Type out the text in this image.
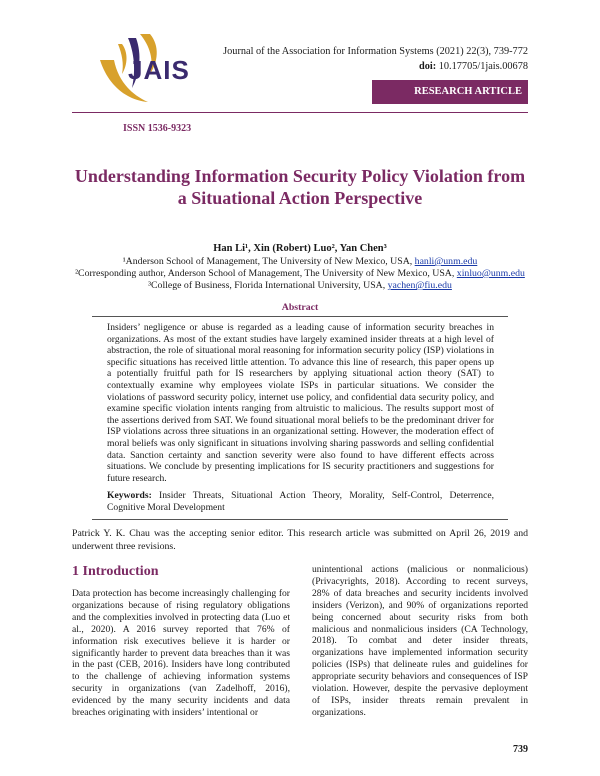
JAIS
Journal of the Association for Information Systems (2021) 22(3), 739-772
doi: 10.17705/1jais.00678
RESEARCH ARTICLE
ISSN 1536-9323
Understanding Information Security Policy Violation from
a Situational Action Perspective
Han Li¹, Xin (Robert) Luo², Yan Chen³
¹Anderson School of Management, The University of New Mexico, USA, hanli@unm.edu
²Corresponding author, Anderson School of Management, The University of New Mexico, USA, xinluo@unm.edu
³College of Business, Florida International University, USA, yachen@fiu.edu
Abstract
Insiders’ negligence or abuse is regarded as a leading cause of information security breaches in organizations. As most of the extant studies have largely examined insider threats at a high level of abstraction, the role of situational moral reasoning for information security policy (ISP) violations in specific situations has received little attention. To advance this line of research, this paper opens up a potentially fruitful path for IS researchers by applying situational action theory (SAT) to contextually examine why employees violate ISPs in particular situations. We consider the violations of password security policy, internet use policy, and confidential data security policy, and examine specific violation intents ranging from altruistic to malicious. The results support most of the assertions derived from SAT. We found situational moral beliefs to be the predominant driver for ISP violations across three situations in an organizational setting. However, the moderation effect of moral beliefs was only significant in situations involving sharing passwords and selling confidential data. Sanction certainty and sanction severity were also found to have different effects across situations. We conclude by presenting implications for IS security practitioners and suggestions for future research.
Keywords: Insider Threats, Situational Action Theory, Morality, Self-Control, Deterrence, Cognitive Moral Development
Patrick Y. K. Chau was the accepting senior editor. This research article was submitted on April 26, 2019 and underwent three revisions.
1 Introduction
Data protection has become increasingly challenging for organizations because of rising regulatory obligations and the complexities involved in protecting data (Luo et al., 2020). A 2016 survey reported that 76% of information risk executives believe it is harder or significantly harder to prevent data breaches than it was in the past (CEB, 2016). Insiders have long contributed to the challenge of achieving information systems security in organizations (van Zadelhoff, 2016), evidenced by the many security incidents and data breaches originating with insiders’ intentional or
unintentional actions (malicious or nonmalicious) (Privacyrights, 2018). According to recent surveys, 28% of data breaches and security incidents involved insiders (Verizon), and 90% of organizations reported being concerned about security risks from both malicious and nonmalicious insiders (CA Technology, 2018). To combat and deter insider threats, organizations have implemented information security policies (ISPs) that delineate rules and guidelines for appropriate security behaviors and consequences of ISP violation. However, despite the pervasive deployment of ISPs, insider threats remain prevalent in organizations.
739
